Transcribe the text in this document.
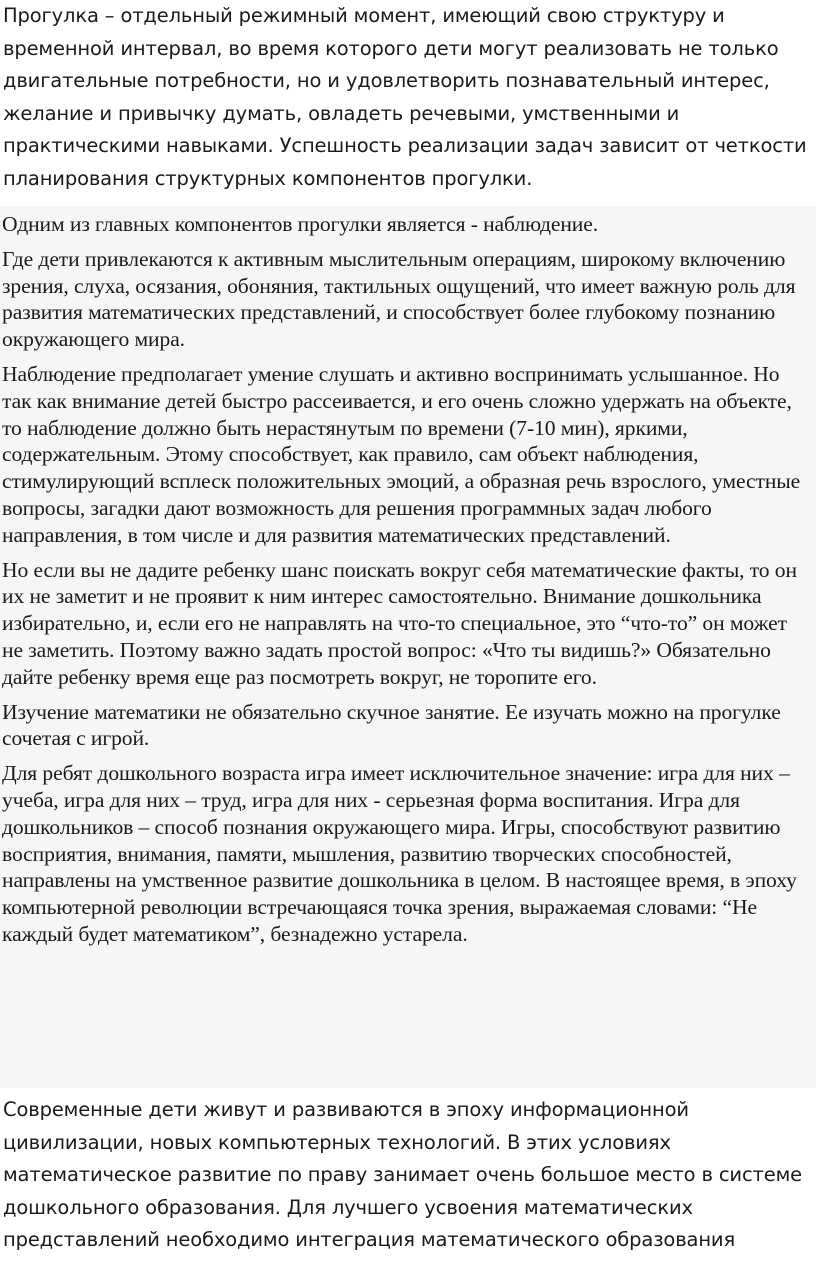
Прогулка – отдельный режимный момент, имеющий свою структуру и временной интервал, во время которого дети могут реализовать не только двигательные потребности, но и удовлетворить познавательный интерес, желание и привычку думать, овладеть речевыми, умственными и практическими навыками. Успешность реализации задач зависит от четкости планирования структурных компонентов прогулки.

Одним из главных компонентов прогулки является - наблюдение.

Где дети привлекаются к активным мыслительным операциям, широкому включению зрения, слуха, осязания, обоняния, тактильных ощущений, что имеет важную роль для развития математических представлений, и способствует более глубокому познанию окружающего мира.

Наблюдение предполагает умение слушать и активно воспринимать услышанное. Но так как внимание детей быстро рассеивается, и его очень сложно удержать на объекте, то наблюдение должно быть нерастянутым по времени (7-10 мин), яркими, содержательным. Этому способствует, как правило, сам объект наблюдения, стимулирующий всплеск положительных эмоций, а образная речь взрослого, уместные вопросы, загадки дают возможность для решения программных задач любого направления, в том числе и для развития математических представлений.

Но если вы не дадите ребенку шанс поискать вокруг себя математические факты, то он их не заметит и не проявит к ним интерес самостоятельно. Внимание дошкольника избирательно, и, если его не направлять на что-то специальное, это “что-то” он может не заметить. Поэтому важно задать простой вопрос: «Что ты видишь?» Обязательно дайте ребенку время еще раз посмотреть вокруг, не торопите его.

Изучение математики не обязательно скучное занятие. Ее изучать можно на прогулке сочетая с игрой.

Для ребят дошкольного возраста игра имеет исключительное значение: игра для них – учеба, игра для них – труд, игра для них - серьезная форма воспитания. Игра для дошкольников – способ познания окружающего мира. Игры, способствуют развитию восприятия, внимания, памяти, мышления, развитию творческих способностей, направлены на умственное развитие дошкольника в целом. В настоящее время, в эпоху компьютерной революции встречающаяся точка зрения, выражаемая словами: “Не каждый будет математиком”, безнадежно устарела.

Современные дети живут и развиваются в эпоху информационной цивилизации, новых компьютерных технологий. В этих условиях математическое развитие по праву занимает очень большое место в системе дошкольного образования. Для лучшего усвоения математических представлений необходимо интеграция математического образования
